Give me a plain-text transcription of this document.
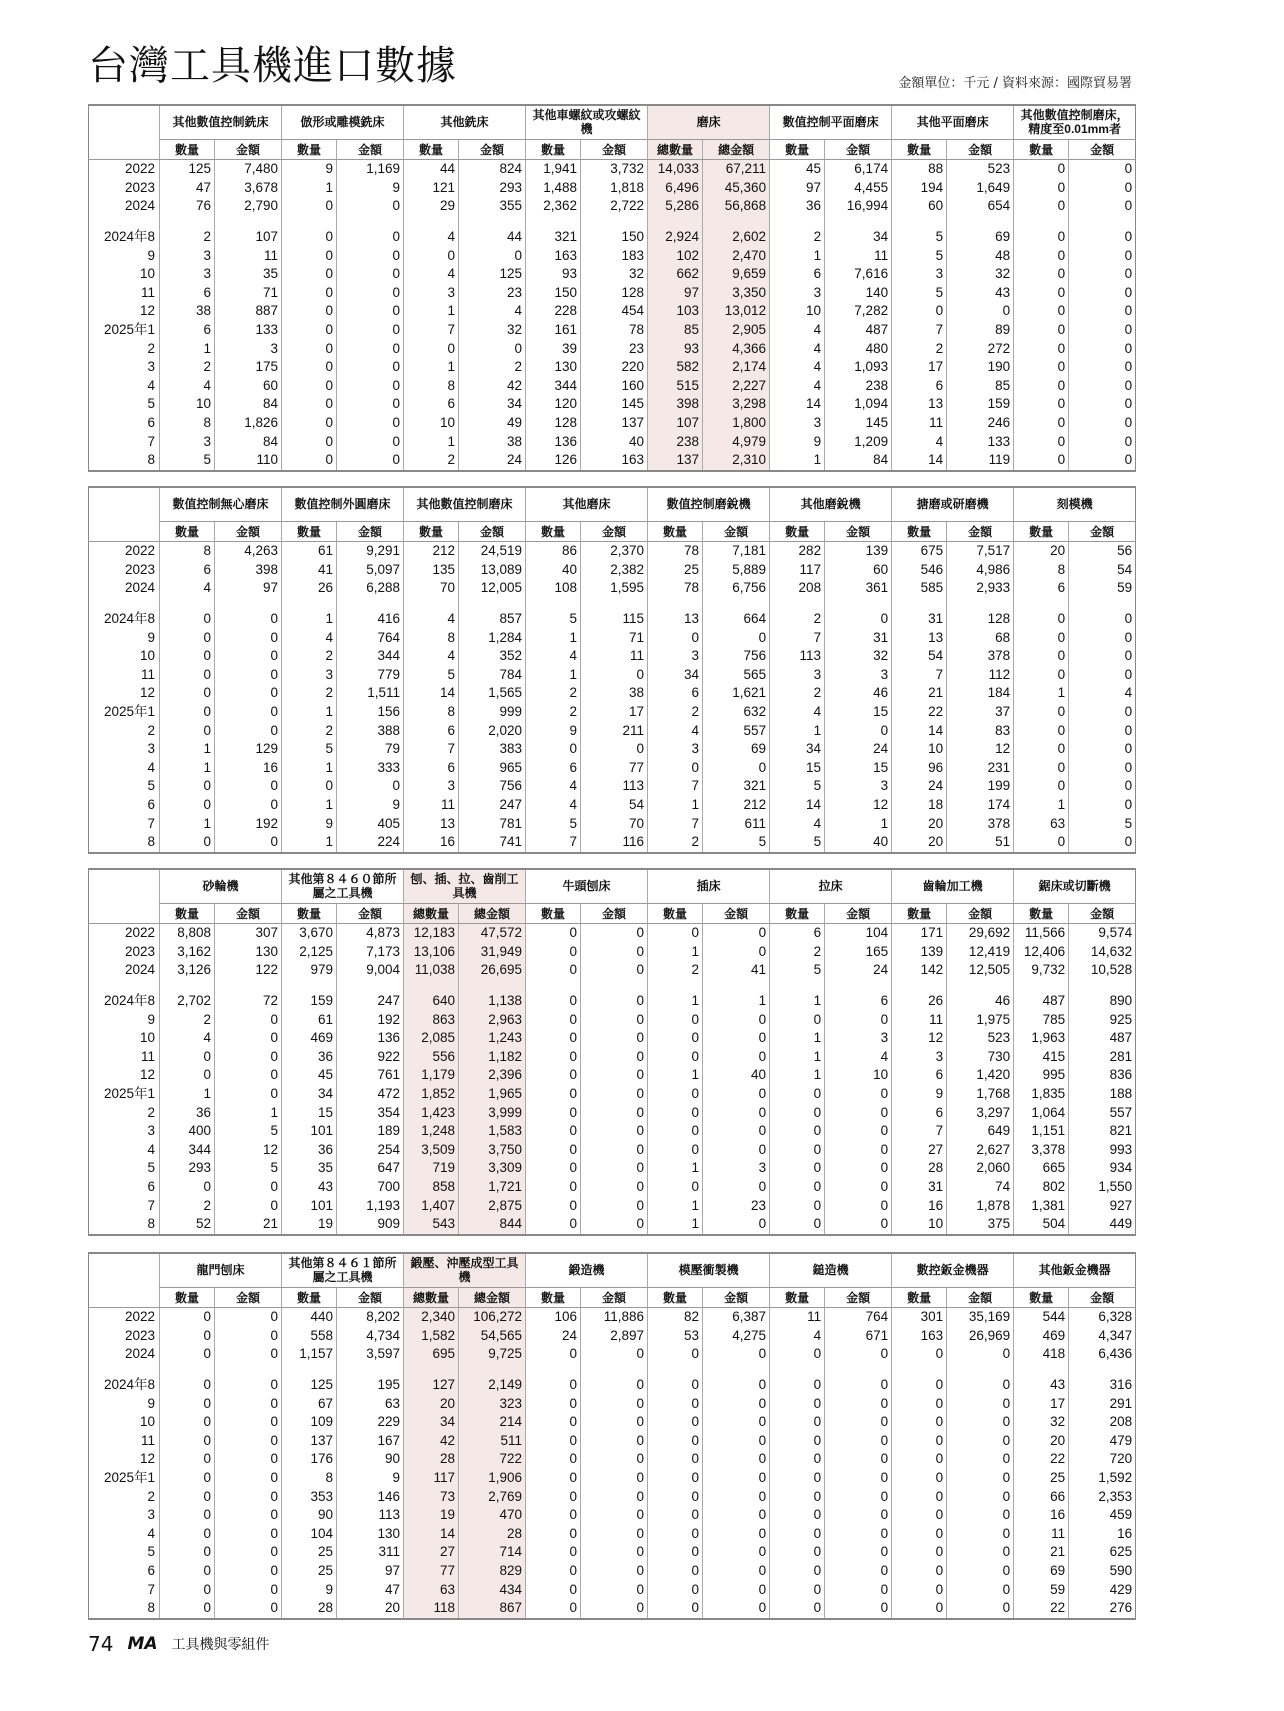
台灣工具機進口數據	金額單位：千元 / 資料來源：國際貿易署
	其他數值控制銑床		倣形或雕模銑床		其他銑床		其他車螺紋或攻螺紋機		磨床		數值控制平面磨床		其他平面磨床		其他數值控制磨床，精度至0.01mm者	
	數量	金額	數量	金額	數量	金額	數量	金額	總數量	總金額	數量	金額	數量	金額	數量	金額
2022	125	7,480	9	1,169	44	824	1,941	3,732	14,033	67,211	45	6,174	88	523	0	0
2023	47	3,678	1	9	121	293	1,488	1,818	6,496	45,360	97	4,455	194	1,649	0	0
2024	76	2,790	0	0	29	355	2,362	2,722	5,286	56,868	36	16,994	60	654	0	0

2024年8	2	107	0	0	4	44	321	150	2,924	2,602	2	34	5	69	0	0
9	3	11	0	0	0	0	163	183	102	2,470	1	11	5	48	0	0
10	3	35	0	0	4	125	93	32	662	9,659	6	7,616	3	32	0	0
11	6	71	0	0	3	23	150	128	97	3,350	3	140	5	43	0	0
12	38	887	0	0	1	4	228	454	103	13,012	10	7,282	0	0	0	0
2025年1	6	133	0	0	7	32	161	78	85	2,905	4	487	7	89	0	0
2	1	3	0	0	0	0	39	23	93	4,366	4	480	2	272	0	0
3	2	175	0	0	1	2	130	220	582	2,174	4	1,093	17	190	0	0
4	4	60	0	0	8	42	344	160	515	2,227	4	238	6	85	0	0
5	10	84	0	0	6	34	120	145	398	3,298	14	1,094	13	159	0	0
6	8	1,826	0	0	10	49	128	137	107	1,800	3	145	11	246	0	0
7	3	84	0	0	1	38	136	40	238	4,979	9	1,209	4	133	0	0
8	5	110	0	0	2	24	126	163	137	2,310	1	84	14	119	0	0
	數值控制無心磨床		數值控制外圓磨床		其他數值控制磨床		其他磨床		數值控制磨銳機		其他磨銳機		搪磨或研磨機		刻模機	
	數量	金額	數量	金額	數量	金額	數量	金額	數量	金額	數量	金額	數量	金額	數量	金額
2022	8	4,263	61	9,291	212	24,519	86	2,370	78	7,181	282	139	675	7,517	20	56
2023	6	398	41	5,097	135	13,089	40	2,382	25	5,889	117	60	546	4,986	8	54
2024	4	97	26	6,288	70	12,005	108	1,595	78	6,756	208	361	585	2,933	6	59

2024年8	0	0	1	416	4	857	5	115	13	664	2	0	31	128	0	0
9	0	0	4	764	8	1,284	1	71	0	0	7	31	13	68	0	0
10	0	0	2	344	4	352	4	11	3	756	113	32	54	378	0	0
11	0	0	3	779	5	784	1	0	34	565	3	3	7	112	0	0
12	0	0	2	1,511	14	1,565	2	38	6	1,621	2	46	21	184	1	4
2025年1	0	0	1	156	8	999	2	17	2	632	4	15	22	37	0	0
2	0	0	2	388	6	2,020	9	211	4	557	1	0	14	83	0	0
3	1	129	5	79	7	383	0	0	3	69	34	24	10	12	0	0
4	1	16	1	333	6	965	6	77	0	0	15	15	96	231	0	0
5	0	0	0	0	3	756	4	113	7	321	5	3	24	199	0	0
6	0	0	1	9	11	247	4	54	1	212	14	12	18	174	1	0
7	1	192	9	405	13	781	5	70	7	611	4	1	20	378	63	5
8	0	0	1	224	16	741	7	116	2	5	5	40	20	51	0	0
	砂輪機		其他第８４６０節所屬之工具機		刨、插、拉、齒削工具機		牛頭刨床		插床		拉床		齒輪加工機		鋸床或切斷機	
	數量	金額	數量	金額	總數量	總金額	數量	金額	數量	金額	數量	金額	數量	金額	數量	金額
2022	8,808	307	3,670	4,873	12,183	47,572	0	0	0	0	6	104	171	29,692	11,566	9,574
2023	3,162	130	2,125	7,173	13,106	31,949	0	0	1	0	2	165	139	12,419	12,406	14,632
2024	3,126	122	979	9,004	11,038	26,695	0	0	2	41	5	24	142	12,505	9,732	10,528

2024年8	2,702	72	159	247	640	1,138	0	0	1	1	1	6	26	46	487	890
9	2	0	61	192	863	2,963	0	0	0	0	0	0	11	1,975	785	925
10	4	0	469	136	2,085	1,243	0	0	0	0	1	3	12	523	1,963	487
11	0	0	36	922	556	1,182	0	0	0	0	1	4	3	730	415	281
12	0	0	45	761	1,179	2,396	0	0	1	40	1	10	6	1,420	995	836
2025年1	1	0	34	472	1,852	1,965	0	0	0	0	0	0	9	1,768	1,835	188
2	36	1	15	354	1,423	3,999	0	0	0	0	0	0	6	3,297	1,064	557
3	400	5	101	189	1,248	1,583	0	0	0	0	0	0	7	649	1,151	821
4	344	12	36	254	3,509	3,750	0	0	0	0	0	0	27	2,627	3,378	993
5	293	5	35	647	719	3,309	0	0	1	3	0	0	28	2,060	665	934
6	0	0	43	700	858	1,721	0	0	0	0	0	0	31	74	802	1,550
7	2	0	101	1,193	1,407	2,875	0	0	1	23	0	0	16	1,878	1,381	927
8	52	21	19	909	543	844	0	0	1	0	0	0	10	375	504	449
	龍門刨床		其他第８４６１節所屬之工具機		鍛壓、沖壓成型工具機		鍛造機		模壓衝製機		鎚造機		數控鈑金機器		其他鈑金機器	
	數量	金額	數量	金額	總數量	總金額	數量	金額	數量	金額	數量	金額	數量	金額	數量	金額
2022	0	0	440	8,202	2,340	106,272	106	11,886	82	6,387	11	764	301	35,169	544	6,328
2023	0	0	558	4,734	1,582	54,565	24	2,897	53	4,275	4	671	163	26,969	469	4,347
2024	0	0	1,157	3,597	695	9,725	0	0	0	0	0	0	0	0	418	6,436

2024年8	0	0	125	195	127	2,149	0	0	0	0	0	0	0	0	43	316
9	0	0	67	63	20	323	0	0	0	0	0	0	0	0	17	291
10	0	0	109	229	34	214	0	0	0	0	0	0	0	0	32	208
11	0	0	137	167	42	511	0	0	0	0	0	0	0	0	20	479
12	0	0	176	90	28	722	0	0	0	0	0	0	0	0	22	720
2025年1	0	0	8	9	117	1,906	0	0	0	0	0	0	0	0	25	1,592
2	0	0	353	146	73	2,769	0	0	0	0	0	0	0	0	66	2,353
3	0	0	90	113	19	470	0	0	0	0	0	0	0	0	16	459
4	0	0	104	130	14	28	0	0	0	0	0	0	0	0	11	16
5	0	0	25	311	27	714	0	0	0	0	0	0	0	0	21	625
6	0	0	25	97	77	829	0	0	0	0	0	0	0	0	69	590
7	0	0	9	47	63	434	0	0	0	0	0	0	0	0	59	429
8	0	0	28	20	118	867	0	0	0	0	0	0	0	0	22	276
74 MA 工具機與零組件
